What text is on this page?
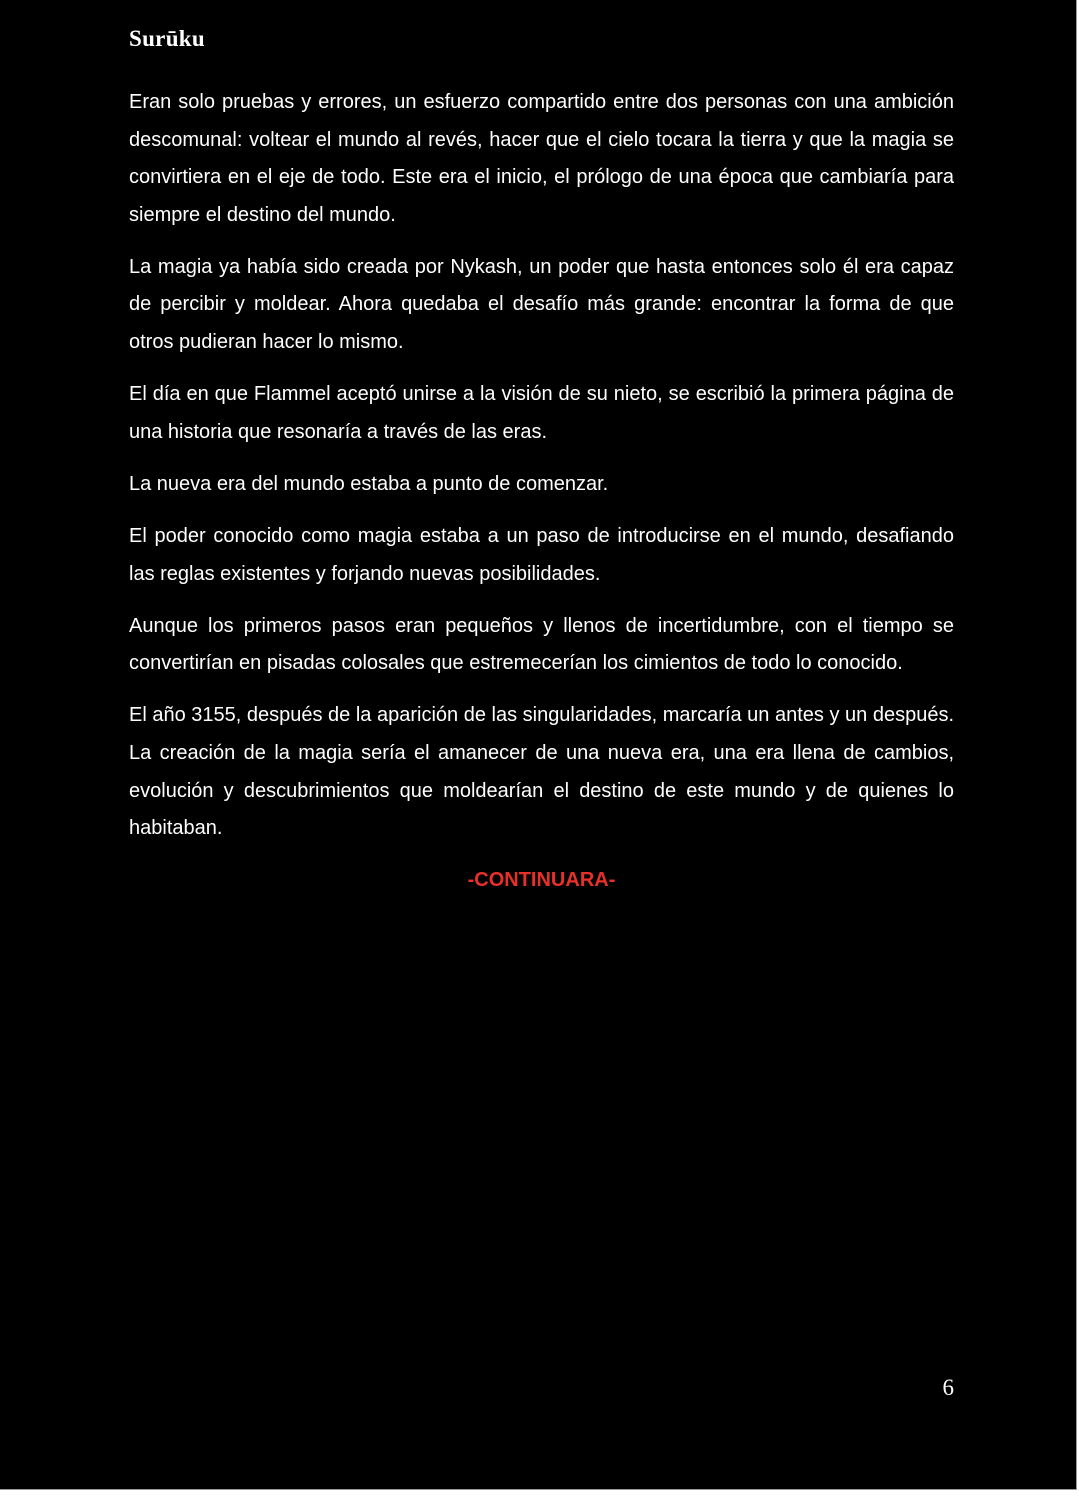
Surūku

Eran solo pruebas y errores, un esfuerzo compartido entre dos personas con una ambición descomunal: voltear el mundo al revés, hacer que el cielo tocara la tierra y que la magia se convirtiera en el eje de todo. Este era el inicio, el prólogo de una época que cambiaría para siempre el destino del mundo.

La magia ya había sido creada por Nykash, un poder que hasta entonces solo él era capaz de percibir y moldear. Ahora quedaba el desafío más grande: encontrar la forma de que otros pudieran hacer lo mismo.

El día en que Flammel aceptó unirse a la visión de su nieto, se escribió la primera página de una historia que resonaría a través de las eras.

La nueva era del mundo estaba a punto de comenzar.

El poder conocido como magia estaba a un paso de introducirse en el mundo, desafiando las reglas existentes y forjando nuevas posibilidades.

Aunque los primeros pasos eran pequeños y llenos de incertidumbre, con el tiempo se convertirían en pisadas colosales que estremecerían los cimientos de todo lo conocido.

El año 3155, después de la aparición de las singularidades, marcaría un antes y un después. La creación de la magia sería el amanecer de una nueva era, una era llena de cambios, evolución y descubrimientos que moldearían el destino de este mundo y de quienes lo habitaban.

-CONTINUARA-

6
